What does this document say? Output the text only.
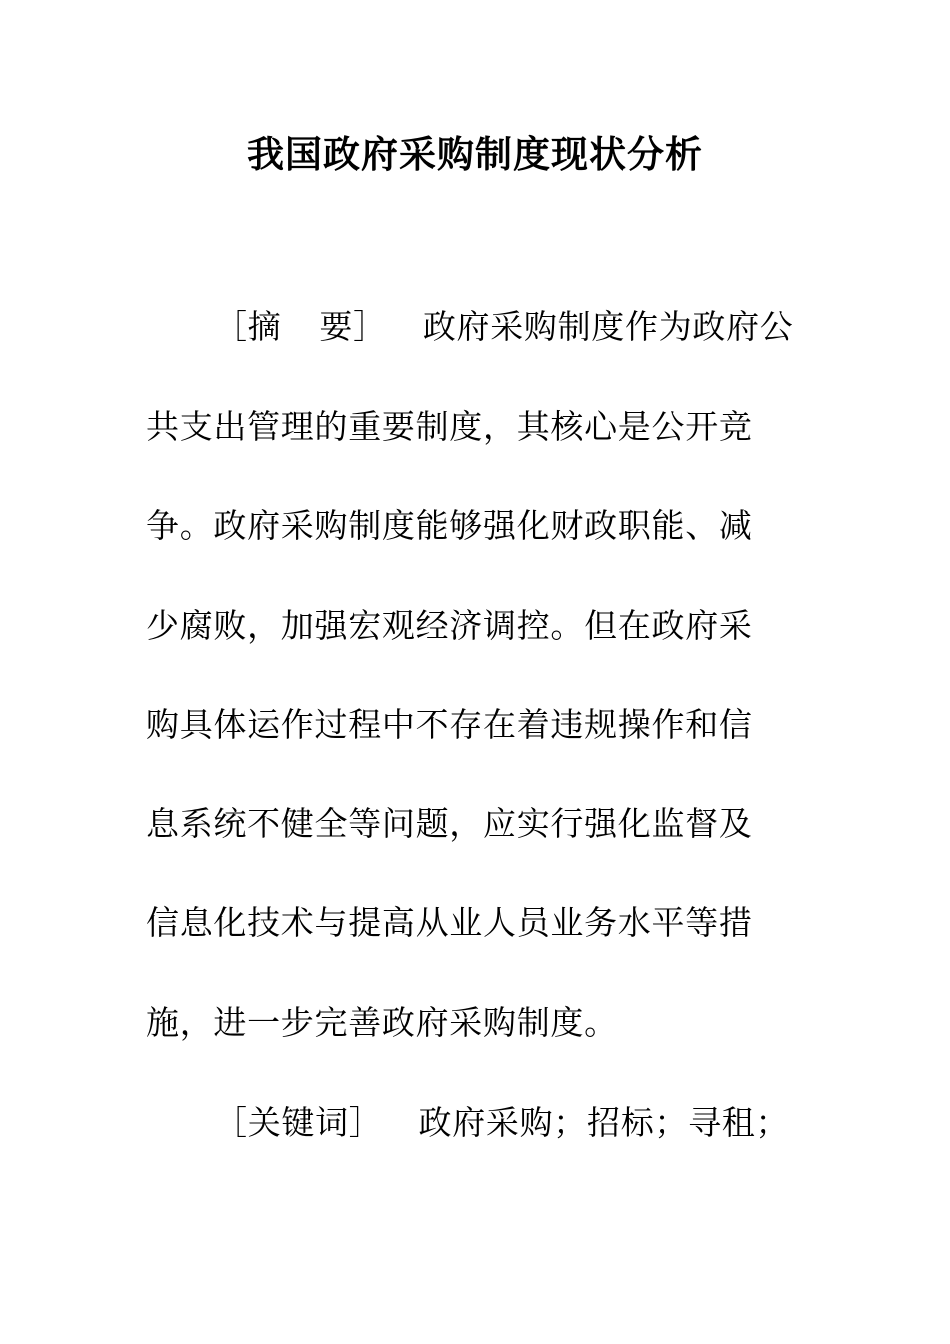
我国政府采购制度现状分析
［摘 要］ 政府采购制度作为政府公
共支出管理的重要制度，其核心是公开竞
争。政府采购制度能够强化财政职能、减
少腐败，加强宏观经济调控。但在政府采
购具体运作过程中不存在着违规操作和信
息系统不健全等问题，应实行强化监督及
信息化技术与提高从业人员业务水平等措
施，进一步完善政府采购制度。
［关键词］ 政府采购；招标；寻租；
